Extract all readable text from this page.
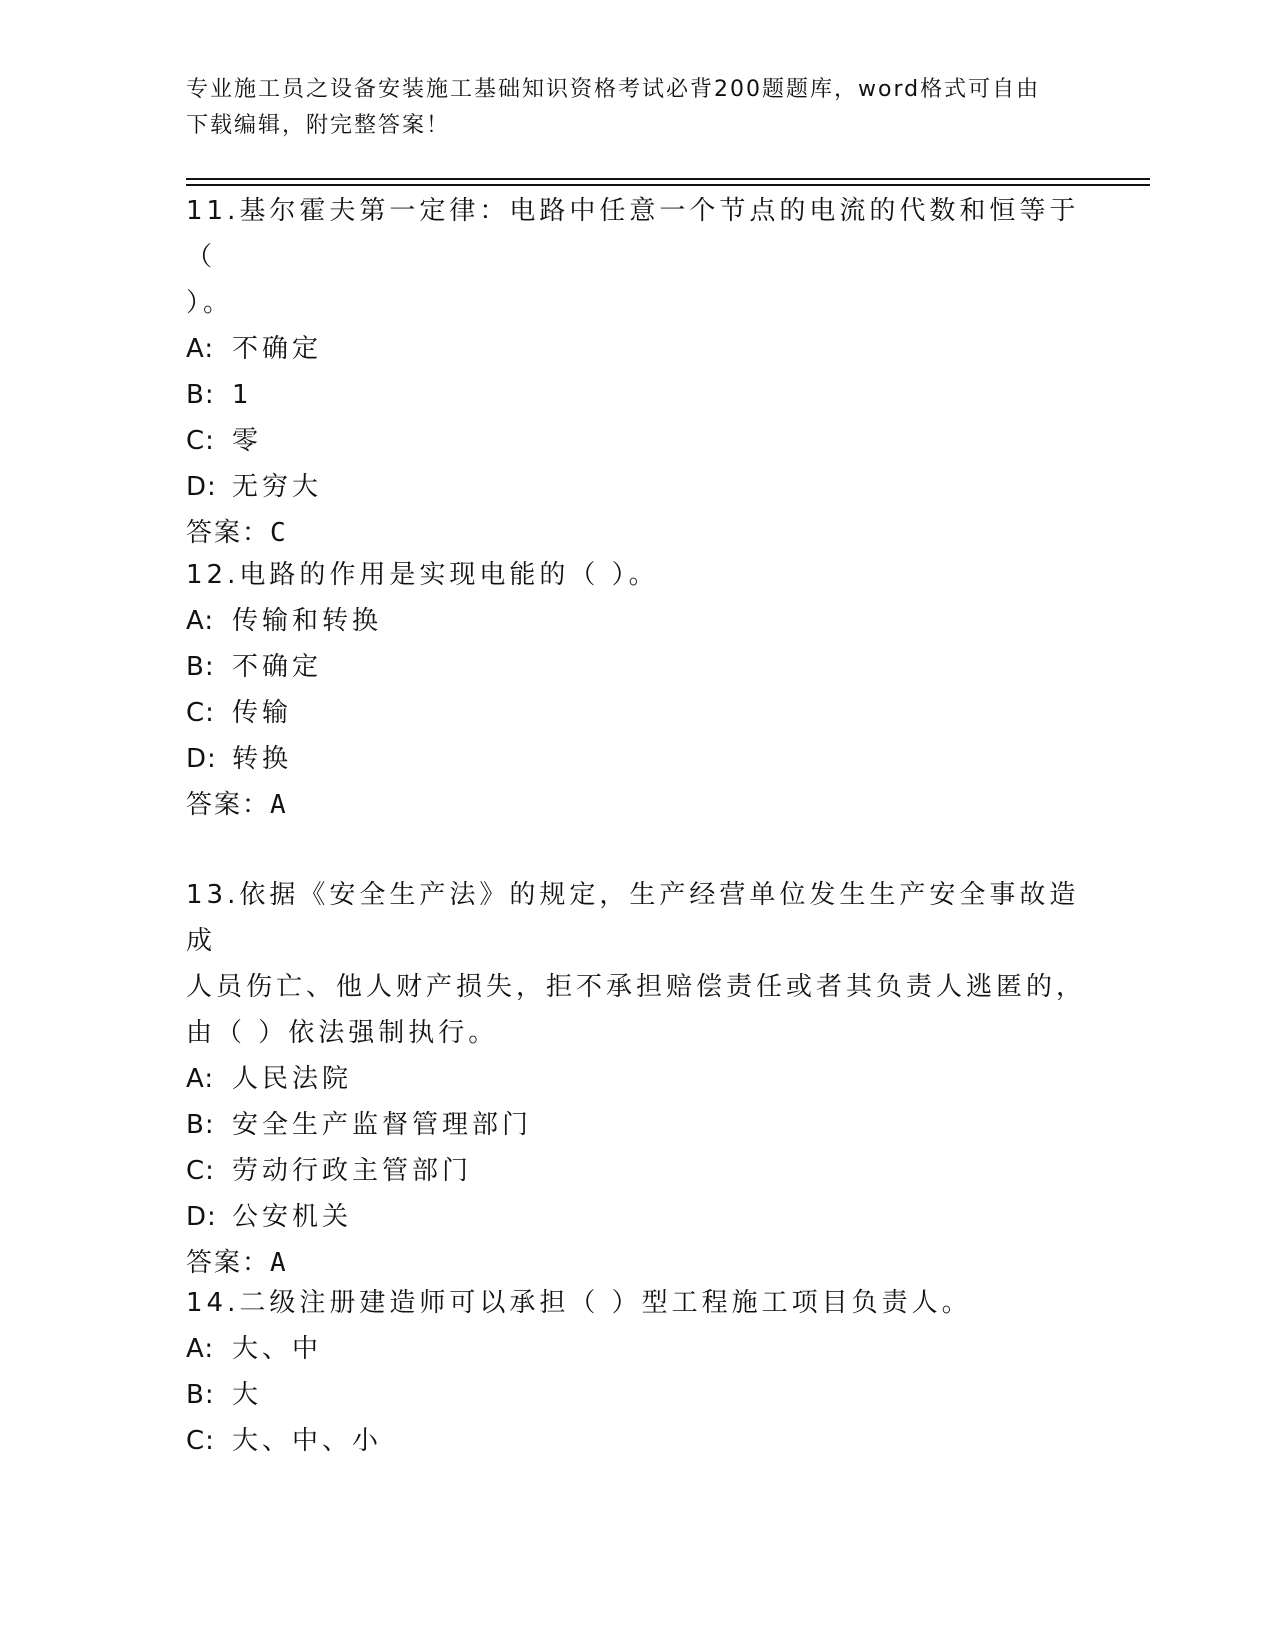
专业施工员之设备安装施工基础知识资格考试必背200题题库，word格式可自由
下载编辑，附完整答案！

11.基尔霍夫第一定律：电路中任意一个节点的电流的代数和恒等于（

）。

A: 不确定

B: 1

C: 零

D: 无穷大

答案：C

12.电路的作用是实现电能的（ ）。

A: 传输和转换

B: 不确定

C: 传输

D: 转换

答案：A

13.依据《安全生产法》的规定，生产经营单位发生生产安全事故造成

人员伤亡、他人财产损失，拒不承担赔偿责任或者其负责人逃匿的，

由（ ）依法强制执行。

A: 人民法院

B: 安全生产监督管理部门

C: 劳动行政主管部门

D: 公安机关

答案：A

14.二级注册建造师可以承担（ ）型工程施工项目负责人。

A: 大、中

B: 大

C: 大、中、小
